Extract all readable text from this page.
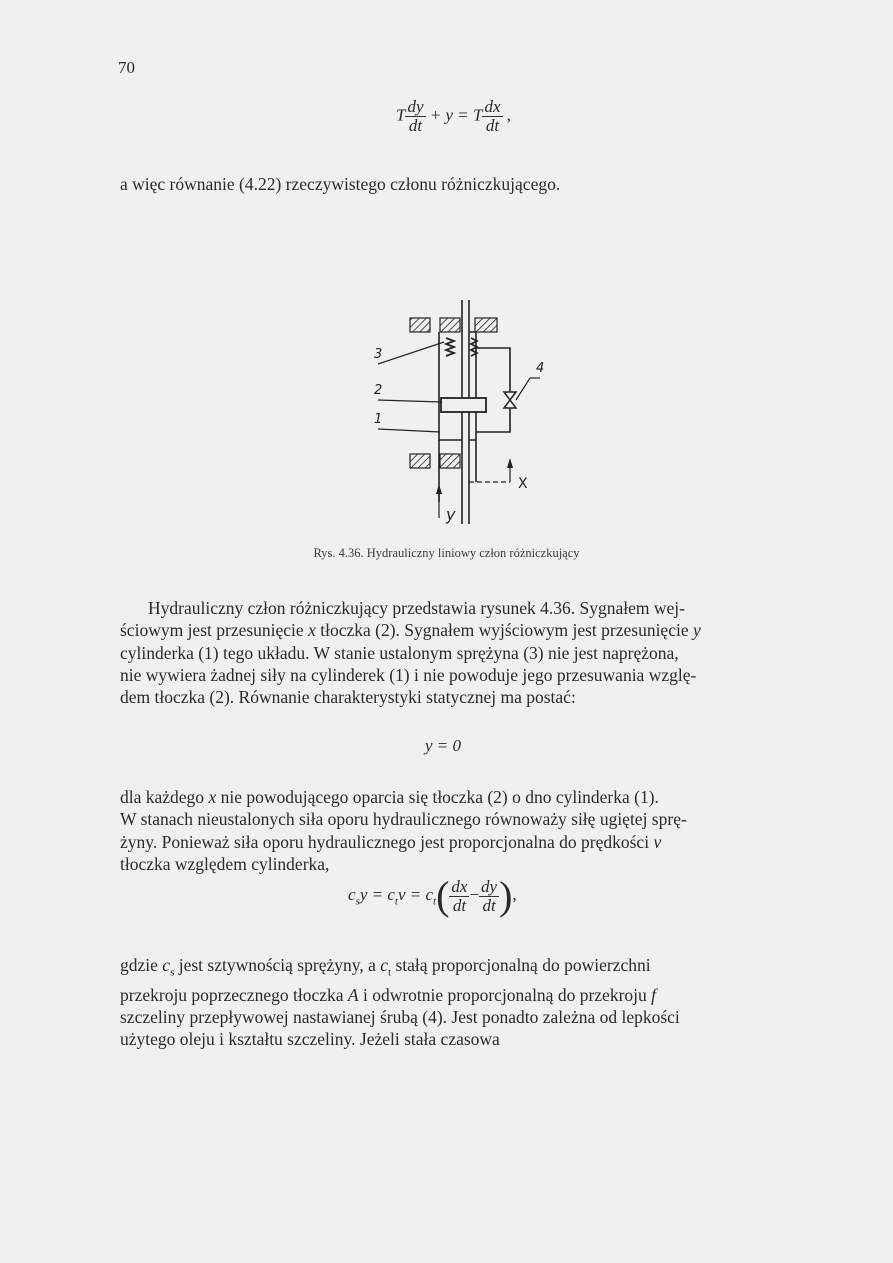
70
T $\frac{dy}{dt} + y = T \frac{dx}{dt}$ ,
a więc równanie (4.22) rzeczywistego członu różniczkującego.
4
3
2
1
X
y
Rys. 4.36. Hydrauliczny liniowy człon różniczkujący
Hydrauliczny człon różniczkujący przedstawia rysunek 4.36. Sygnałem wej-
ściowym jest przesunięcie x tłoczka (2). Sygnałem wyjściowym jest przesunięcie y
cylinderka (1) tego układu. W stanie ustalonym sprężyna (3) nie jest naprężona,
nie wywiera żadnej siły na cylinderek (1) i nie powoduje jego przesuwania wzglę-
dem tłoczka (2). Równanie charakterystyki statycznej ma postać:
y = 0
dla każdego x nie powodującego oparcia się tłoczka (2) o dno cylinderka (1).
W stanach nieustalonych siła oporu hydraulicznego równoważy siłę ugiętej sprę-
żyny. Ponieważ siła oporu hydraulicznego jest proporcjonalna do prędkości v
tłoczka względem cylinderka,
$c_sy = c_tv = c_t( \frac{dx}{dt} - \frac{dy}{dt}$ ),
gdzie $c_s$ jest sztywnością sprężyny, a $c_t$ stałą proporcjonalną do powierzchni
przekroju poprzecznego tłoczka A i odwrotnie proporcjonalną do przekroju f
szczeliny przepływowej nastawianej śrubą (4). Jest ponadto zależna od lepkości
użytego oleju i kształtu szczeliny. Jeżeli stała czasowa
